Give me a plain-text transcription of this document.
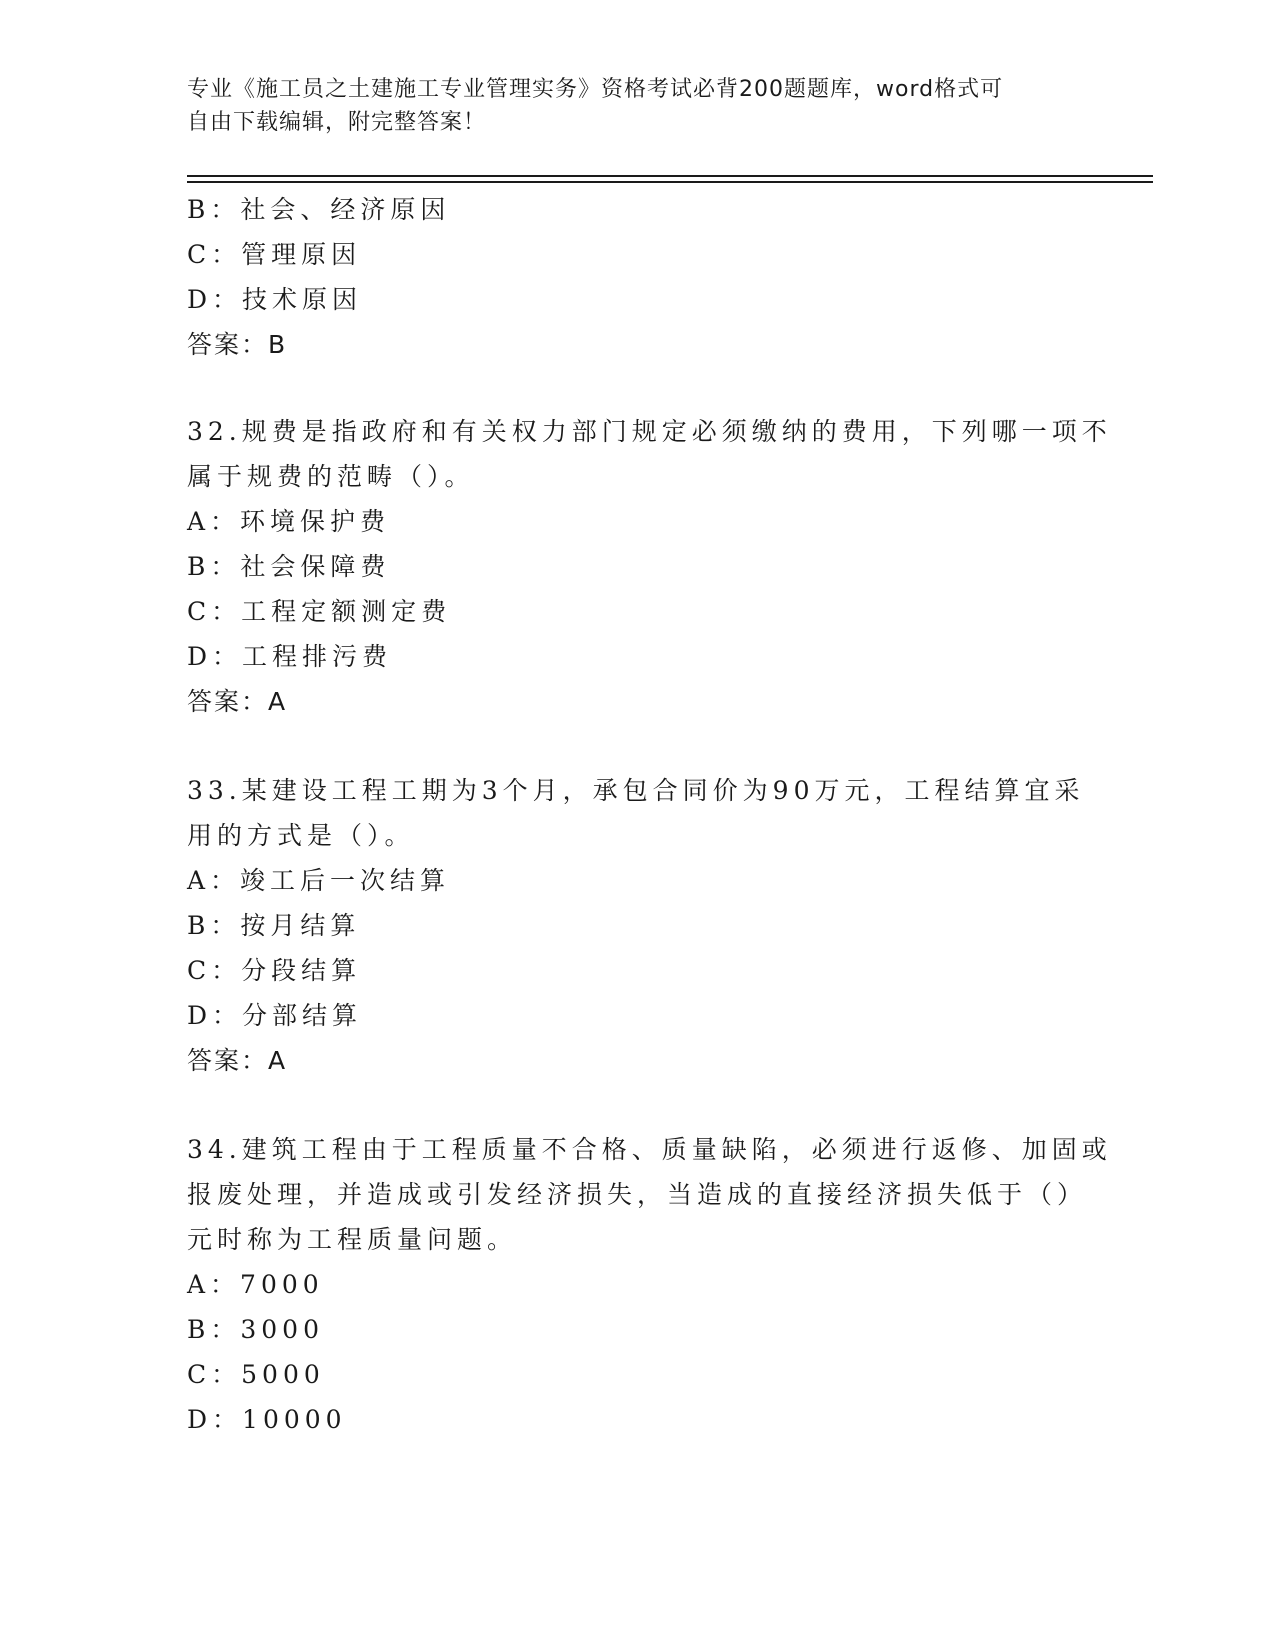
专业《施工员之土建施工专业管理实务》资格考试必背200题题库，word格式可
自由下载编辑，附完整答案！

B：社会、经济原因

C：管理原因

D：技术原因

答案：B

32.规费是指政府和有关权力部门规定必须缴纳的费用，下列哪一项不

属于规费的范畴（）。

A：环境保护费

B：社会保障费

C：工程定额测定费

D：工程排污费

答案：A

33.某建设工程工期为3个月，承包合同价为90万元，工程结算宜采

用的方式是（）。

A：竣工后一次结算

B：按月结算

C：分段结算

D：分部结算

答案：A

34.建筑工程由于工程质量不合格、质量缺陷，必须进行返修、加固或

报废处理，并造成或引发经济损失，当造成的直接经济损失低于（）

元时称为工程质量问题。

A：7000

B：3000

C：5000

D：10000
